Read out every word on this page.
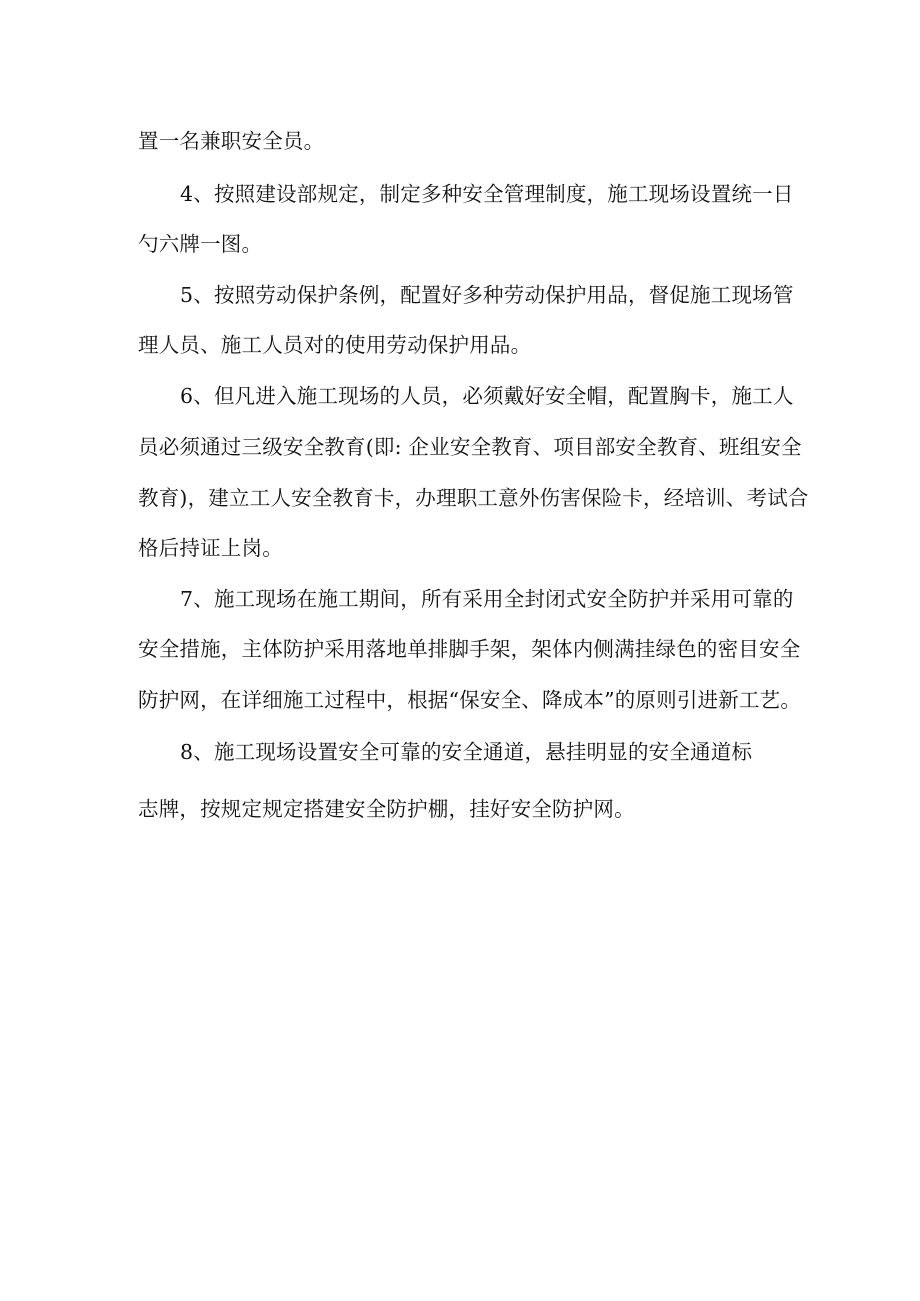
置一名兼职安全员。
4、按照建设部规定，制定多种安全管理制度，施工现场设置统一日
勺六牌一图。
5、按照劳动保护条例，配置好多种劳动保护用品，督促施工现场管
理人员、施工人员对的使用劳动保护用品。
6、但凡进入施工现场的人员，必须戴好安全帽，配置胸卡，施工人
员必须通过三级安全教育(即: 企业安全教育、项目部安全教育、班组安全
教育)，建立工人安全教育卡，办理职工意外伤害保险卡，经培训、考试合
格后持证上岗。
7、施工现场在施工期间，所有采用全封闭式安全防护并采用可靠的
安全措施，主体防护采用落地单排脚手架，架体内侧满挂绿色的密目安全
防护网，在详细施工过程中，根据“保安全、降成本”的原则引进新工艺。
8、施工现场设置安全可靠的安全通道，悬挂明显的安全通道标
志牌，按规定规定搭建安全防护棚，挂好安全防护网。
